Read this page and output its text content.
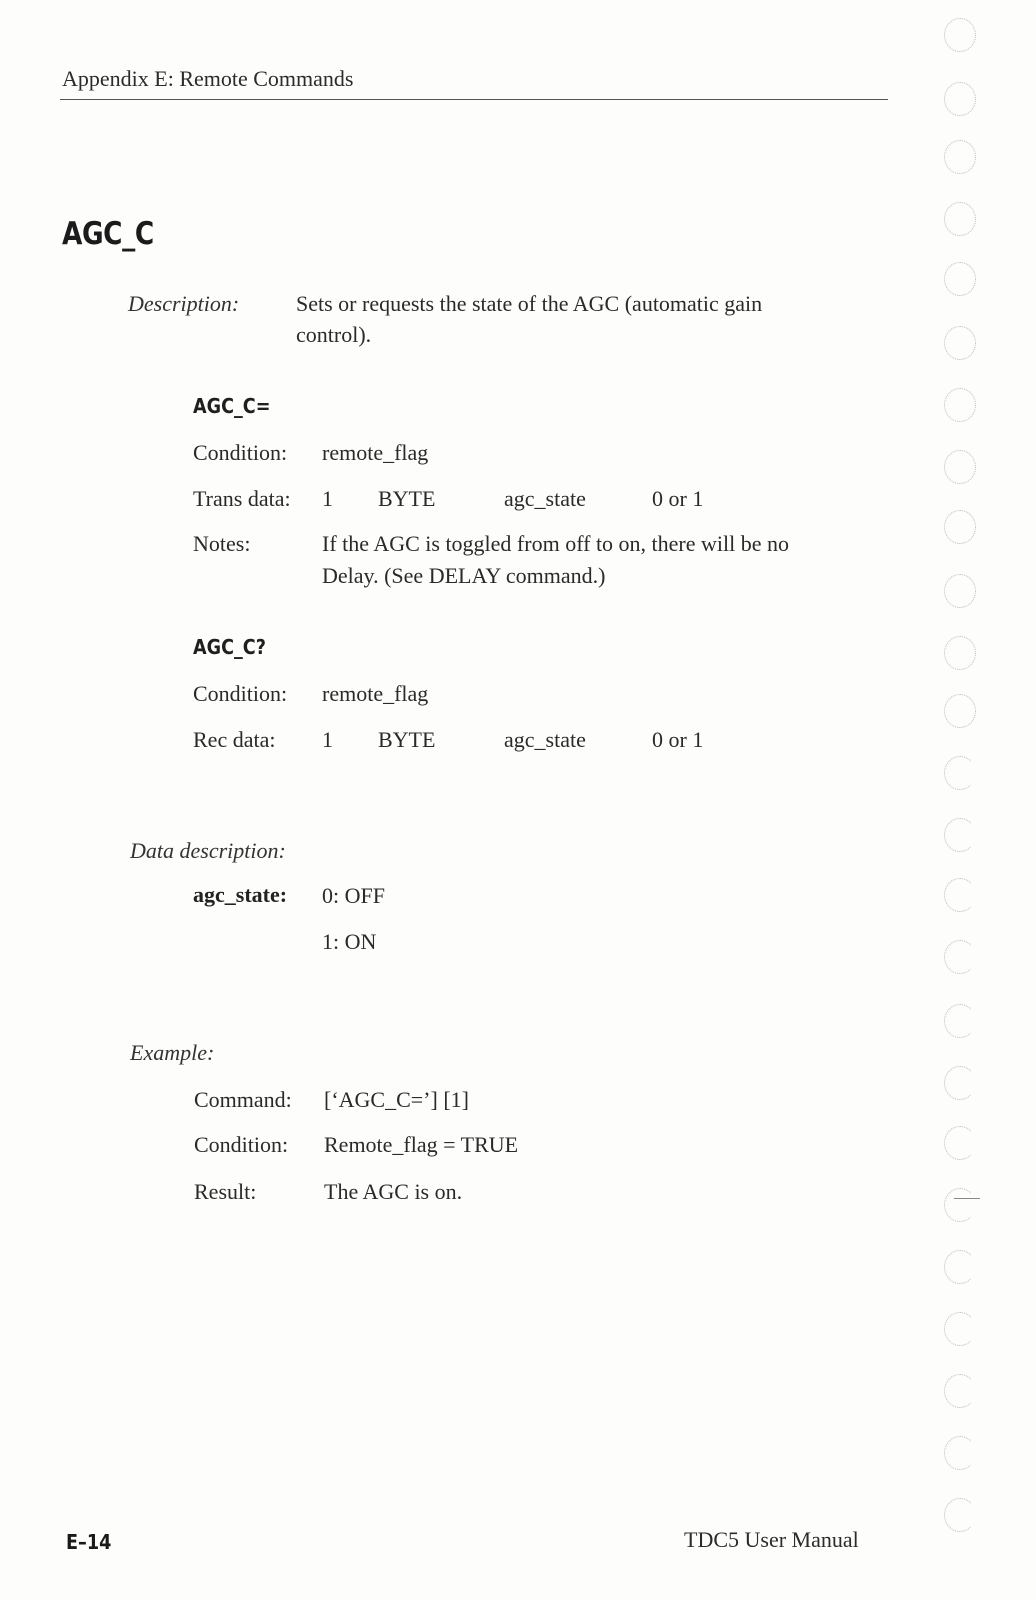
Appendix E: Remote Commands
AGC_C
Description:	Sets or requests the state of the AGC (automatic gain
control).
AGC_C=
Condition: remote_flag
Trans data: 1 BYTE	agc_state	0 or 1
Notes:	If the AGC is toggled from off to on, there will be no
Delay. (See DELAY command.)
AGC_C?
Condition: remote_flag
Rec data: 1 BYTE	agc_state	0 or 1
Data description:
agc_state: 0: OFF
1: ON
Example:
Command: [‘AGC_C=’] [1]
Condition: Remote_flag = TRUE
Result:	The AGC is on.
E–14	TDC5 User Manual
